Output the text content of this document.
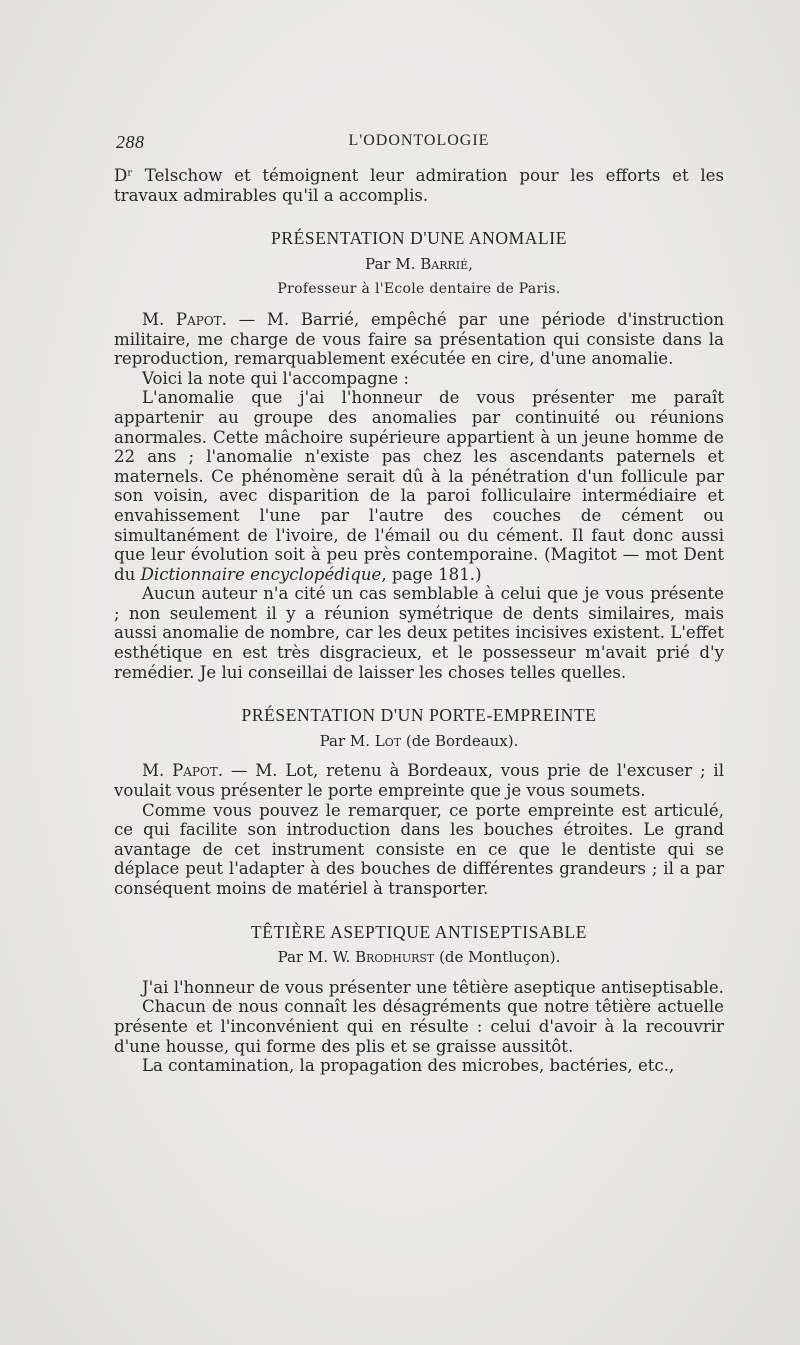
288	L'ODONTOLOGIE

Dʳ Telschow et témoignent leur admiration pour les efforts et les travaux admirables qu'il a accomplis.

PRÉSENTATION D'UNE ANOMALIE

Par M. Barrié,

Professeur à l'Ecole dentaire de Paris.

M. Papot. — M. Barrié, empêché par une période d'instruction militaire, me charge de vous faire sa présentation qui consiste dans la reproduction, remarquablement exécutée en cire, d'une anomalie.

Voici la note qui l'accompagne :

L'anomalie que j'ai l'honneur de vous présenter me paraît appartenir au groupe des anomalies par continuité ou réunions anormales. Cette mâchoire supérieure appartient à un jeune homme de 22 ans ; l'anomalie n'existe pas chez les ascendants paternels et maternels. Ce phénomène serait dû à la pénétration d'un follicule par son voisin, avec disparition de la paroi folliculaire intermédiaire et envahissement l'une par l'autre des couches de cément ou simultanément de l'ivoire, de l'émail ou du cément. Il faut donc aussi que leur évolution soit à peu près contemporaine. (Magitot — mot Dent du Dictionnaire encyclopédique, page 181.)

Aucun auteur n'a cité un cas semblable à celui que je vous présente ; non seulement il y a réunion symétrique de dents similaires, mais aussi anomalie de nombre, car les deux petites incisives existent. L'effet esthétique en est très disgracieux, et le possesseur m'avait prié d'y remédier. Je lui conseillai de laisser les choses telles quelles.

PRÉSENTATION D'UN PORTE-EMPREINTE

Par M. Lot (de Bordeaux).

M. Papot. — M. Lot, retenu à Bordeaux, vous prie de l'excuser ; il voulait vous présenter le porte empreinte que je vous soumets.

Comme vous pouvez le remarquer, ce porte empreinte est articulé, ce qui facilite son introduction dans les bouches étroites. Le grand avantage de cet instrument consiste en ce que le dentiste qui se déplace peut l'adapter à des bouches de différentes grandeurs ; il a par conséquent moins de matériel à transporter.

TÊTIÈRE ASEPTIQUE ANTISEPTISABLE

Par M. W. Brodhurst (de Montluçon).

J'ai l'honneur de vous présenter une têtière aseptique antiseptisable.

Chacun de nous connaît les désagréments que notre têtière actuelle présente et l'inconvénient qui en résulte : celui d'avoir à la recouvrir d'une housse, qui forme des plis et se graisse aussitôt.

La contamination, la propagation des microbes, bactéries, etc.,
